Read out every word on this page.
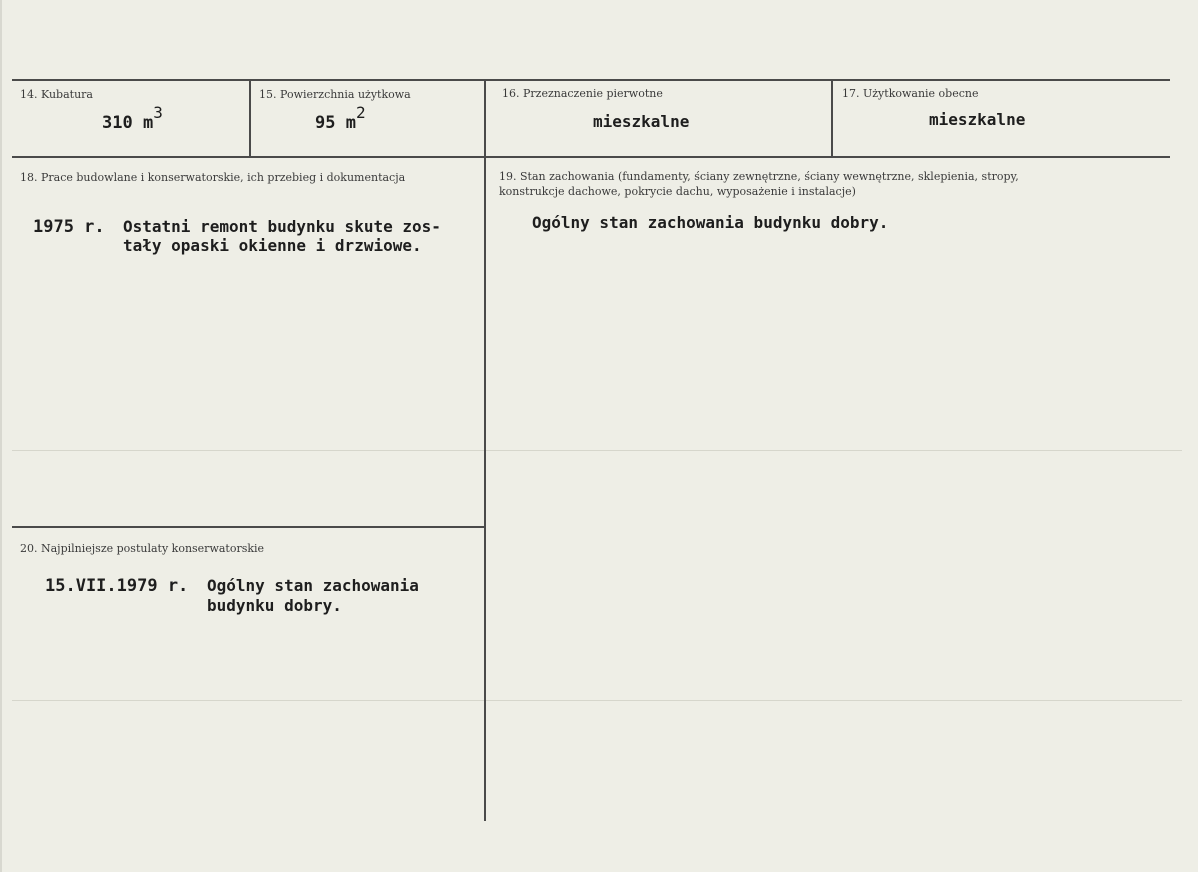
14. Kubatura
310 m3
15. Powierzchnia użytkowa
95 m2
16. Przeznaczenie pierwotne
mieszkalne
17. Użytkowanie obecne
mieszkalne
18. Prace budowlane i konserwatorskie, ich przebieg i dokumentacja
1975 r. Ostatni remont budynku skute zos-
tały opaski okienne i drzwiowe.
19. Stan zachowania (fundamenty, ściany zewnętrzne, ściany wewnętrzne, sklepienia, stropy,
konstrukcje dachowe, pokrycie dachu, wyposażenie i instalacje)
Ogólny stan zachowania budynku dobry.
20. Najpilniejsze postulaty konserwatorskie
15.VII.1979 r. Ogólny stan zachowania
budynku dobry.
